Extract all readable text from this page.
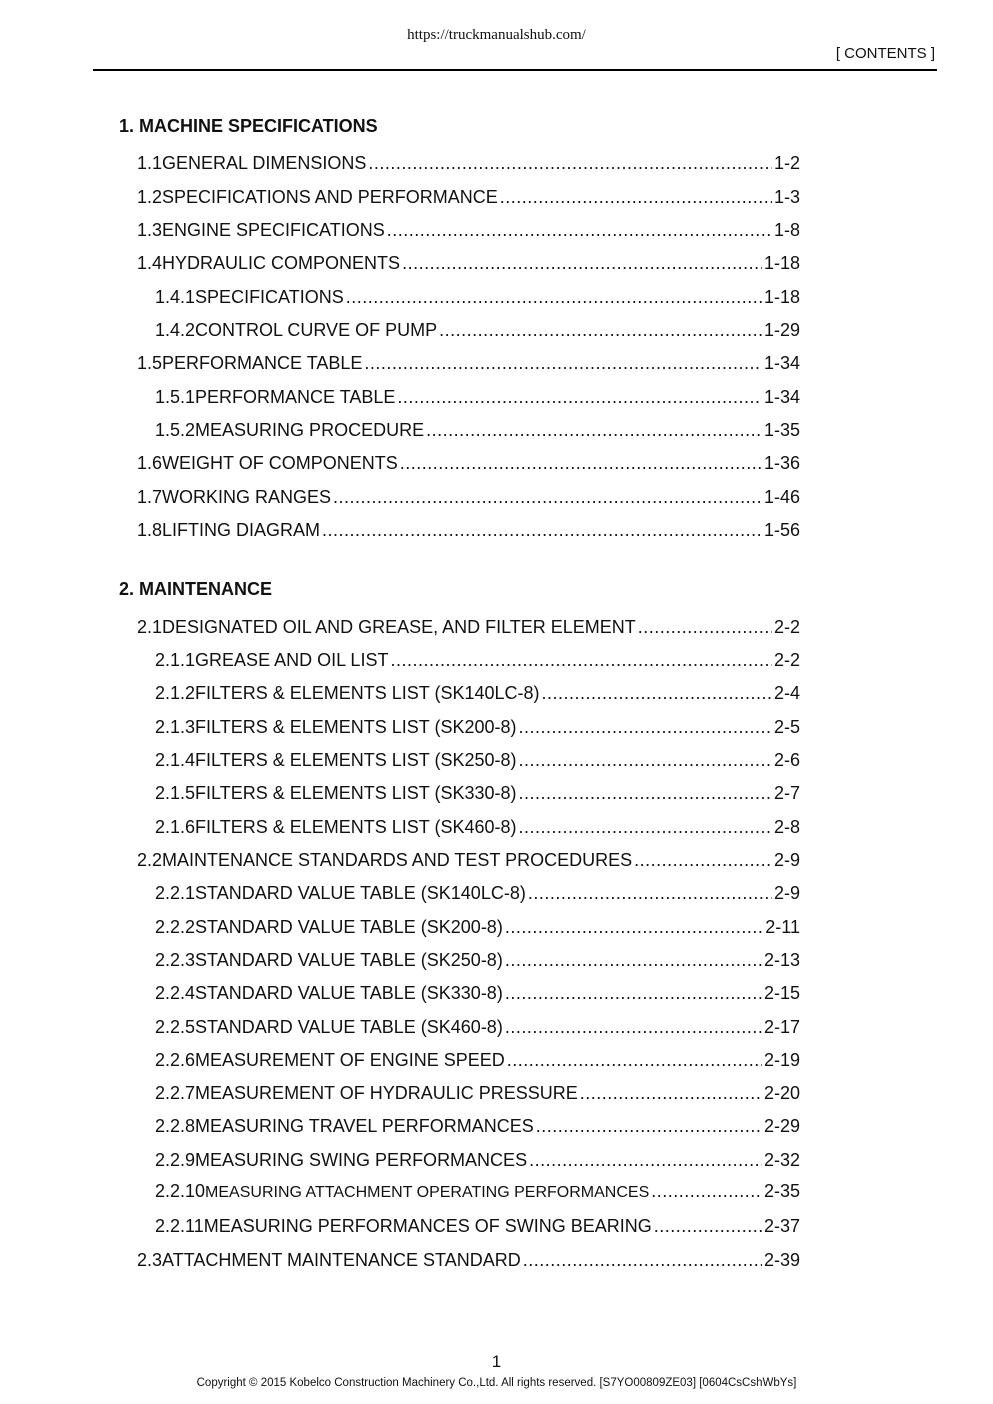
https://truckmanualshub.com/
[ CONTENTS ]
1. MACHINE SPECIFICATIONS
1.1 GENERAL DIMENSIONS .....	1-2
1.2 SPECIFICATIONS AND PERFORMANCE .....	1-3
1.3 ENGINE SPECIFICATIONS .....	1-8
1.4 HYDRAULIC COMPONENTS .....	1-18
1.4.1 SPECIFICATIONS .....	1-18
1.4.2 CONTROL CURVE OF PUMP .....	1-29
1.5 PERFORMANCE TABLE .....	1-34
1.5.1 PERFORMANCE TABLE .....	1-34
1.5.2 MEASURING PROCEDURE .....	1-35
1.6 WEIGHT OF COMPONENTS .....	1-36
1.7 WORKING RANGES .....	1-46
1.8 LIFTING DIAGRAM .....	1-56
2. MAINTENANCE
2.1 DESIGNATED OIL AND GREASE, AND FILTER ELEMENT .....	2-2
2.1.1 GREASE AND OIL LIST .....	2-2
2.1.2 FILTERS & ELEMENTS LIST (SK140LC-8) .....	2-4
2.1.3 FILTERS & ELEMENTS LIST (SK200-8) .....	2-5
2.1.4 FILTERS & ELEMENTS LIST (SK250-8) .....	2-6
2.1.5 FILTERS & ELEMENTS LIST (SK330-8) .....	2-7
2.1.6 FILTERS & ELEMENTS LIST (SK460-8) .....	2-8
2.2 MAINTENANCE STANDARDS AND TEST PROCEDURES .....	2-9
2.2.1 STANDARD VALUE TABLE (SK140LC-8) .....	2-9
2.2.2 STANDARD VALUE TABLE (SK200-8) .....	2-11
2.2.3 STANDARD VALUE TABLE (SK250-8) .....	2-13
2.2.4 STANDARD VALUE TABLE (SK330-8) .....	2-15
2.2.5 STANDARD VALUE TABLE (SK460-8) .....	2-17
2.2.6 MEASUREMENT OF ENGINE SPEED .....	2-19
2.2.7 MEASUREMENT OF HYDRAULIC PRESSURE .....	2-20
2.2.8 MEASURING TRAVEL PERFORMANCES .....	2-29
2.2.9 MEASURING SWING PERFORMANCES .....	2-32
2.2.10 MEASURING ATTACHMENT OPERATING PERFORMANCES .....	2-35
2.2.11 MEASURING PERFORMANCES OF SWING BEARING .....	2-37
2.3 ATTACHMENT MAINTENANCE STANDARD .....	2-39
1
Copyright © 2015 Kobelco Construction Machinery Co.,Ltd. All rights reserved. [S7YO00809ZE03] [0604CsCshWbYs]
